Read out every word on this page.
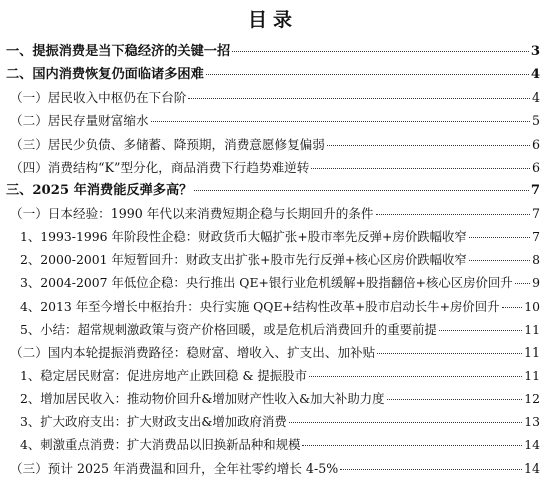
目录
一、提振消费是当下稳经济的关键一招	3
二、国内消费恢复仍面临诸多困难	4
（一）居民收入中枢仍在下台阶	4
（二）居民存量财富缩水	5
（三）居民少负债、多储蓄、降预期，消费意愿修复偏弱	6
（四）消费结构“K”型分化，商品消费下行趋势难逆转	6
三、2025 年消费能反弹多高？	7
（一）日本经验：1990 年代以来消费短期企稳与长期回升的条件	7
1、1993-1996 年阶段性企稳：财政货币大幅扩张+股市率先反弹+房价跌幅收窄	7
2、2000-2001 年短暂回升：财政支出扩张+股市先行反弹+核心区房价跌幅收窄	8
3、2004-2007 年低位企稳：央行推出 QE+银行业危机缓解+股指翻倍+核心区房价回升 9
4、2013 年至今增长中枢抬升：央行实施 QQE+结构性改革+股市启动长牛+房价回升 10
5、小结：超常规刺激政策与资产价格回暖，或是危机后消费回升的重要前提	11
（二）国内本轮提振消费路径：稳财富、增收入、扩支出、加补贴	11
1、稳定居民财富：促进房地产止跌回稳 & 提振股市	11
2、增加居民收入：推动物价回升&增加财产性收入&加大补助力度	12
3、扩大政府支出：扩大财政支出&增加政府消费	13
4、刺激重点消费：扩大消费品以旧换新品种和规模	14
（三）预计 2025 年消费温和回升，全年社零约增长 4-5%	14
